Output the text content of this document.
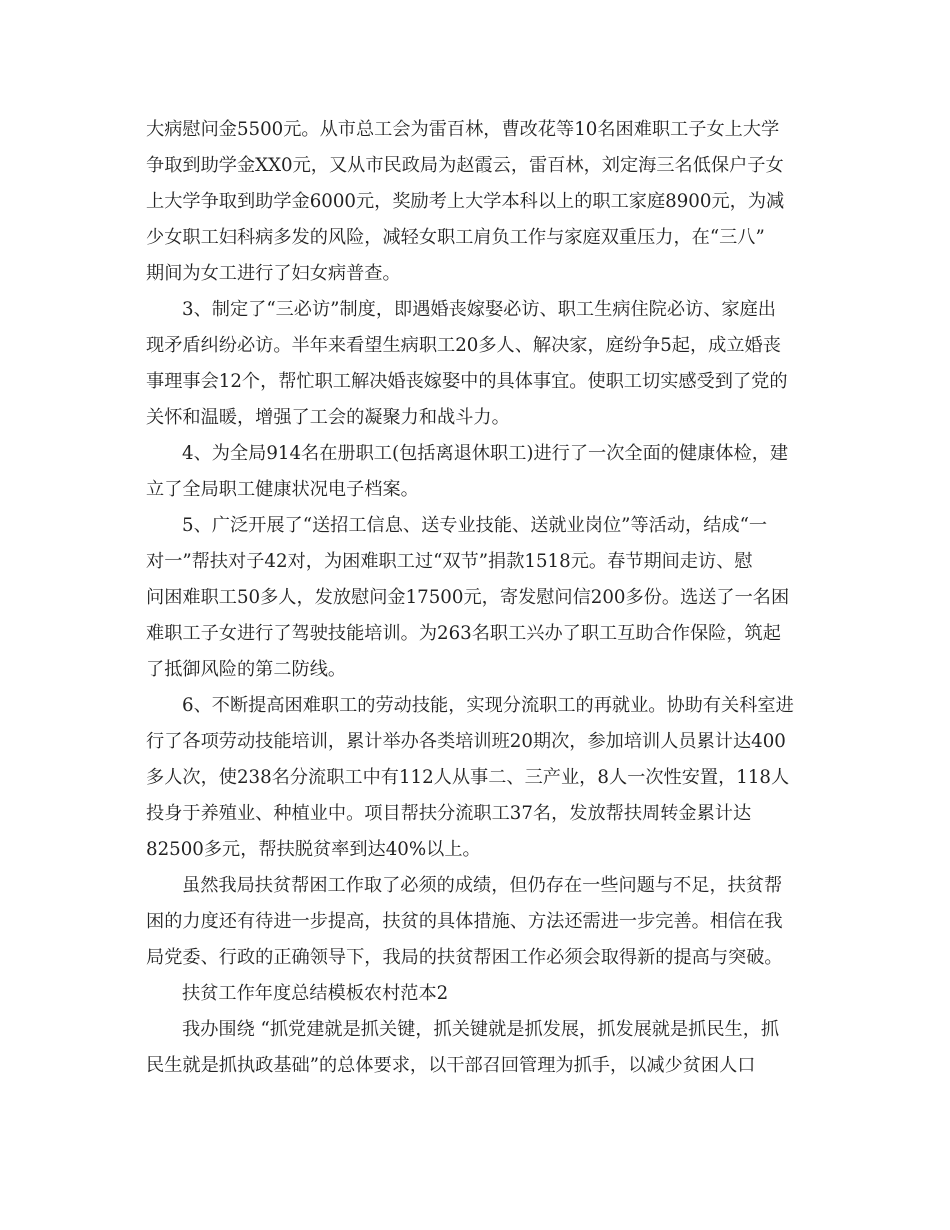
大病慰问金5500元。从市总工会为雷百林，曹改花等10名困难职工子女上大学
争取到助学金XX0元，又从市民政局为赵霞云，雷百林，刘定海三名低保户子女
上大学争取到助学金6000元，奖励考上大学本科以上的职工家庭8900元，为减
少女职工妇科病多发的风险，减轻女职工肩负工作与家庭双重压力，在“三八”
期间为女工进行了妇女病普查。
3、制定了“三必访”制度，即遇婚丧嫁娶必访、职工生病住院必访、家庭出
现矛盾纠纷必访。半年来看望生病职工20多人、解决家，庭纷争5起，成立婚丧
事理事会12个，帮忙职工解决婚丧嫁娶中的具体事宜。使职工切实感受到了党的
关怀和温暖，增强了工会的凝聚力和战斗力。
4、为全局914名在册职工(包括离退休职工)进行了一次全面的健康体检，建
立了全局职工健康状况电子档案。
5、广泛开展了“送招工信息、送专业技能、送就业岗位”等活动，结成“一
对一”帮扶对子42对，为困难职工过“双节”捐款1518元。春节期间走访、慰
问困难职工50多人，发放慰问金17500元，寄发慰问信200多份。选送了一名困
难职工子女进行了驾驶技能培训。为263名职工兴办了职工互助合作保险，筑起
了抵御风险的第二防线。
6、不断提高困难职工的劳动技能，实现分流职工的再就业。协助有关科室进
行了各项劳动技能培训，累计举办各类培训班20期次，参加培训人员累计达400
多人次，使238名分流职工中有112人从事二、三产业，8人一次性安置，118人
投身于养殖业、种植业中。项目帮扶分流职工37名，发放帮扶周转金累计达
82500多元，帮扶脱贫率到达40%以上。
虽然我局扶贫帮困工作取了必须的成绩，但仍存在一些问题与不足，扶贫帮
困的力度还有待进一步提高，扶贫的具体措施、方法还需进一步完善。相信在我
局党委、行政的正确领导下，我局的扶贫帮困工作必须会取得新的提高与突破。
扶贫工作年度总结模板农村范本2
我办围绕 “抓党建就是抓关键，抓关键就是抓发展，抓发展就是抓民生，抓
民生就是抓执政基础”的总体要求，以干部召回管理为抓手，以减少贫困人口
